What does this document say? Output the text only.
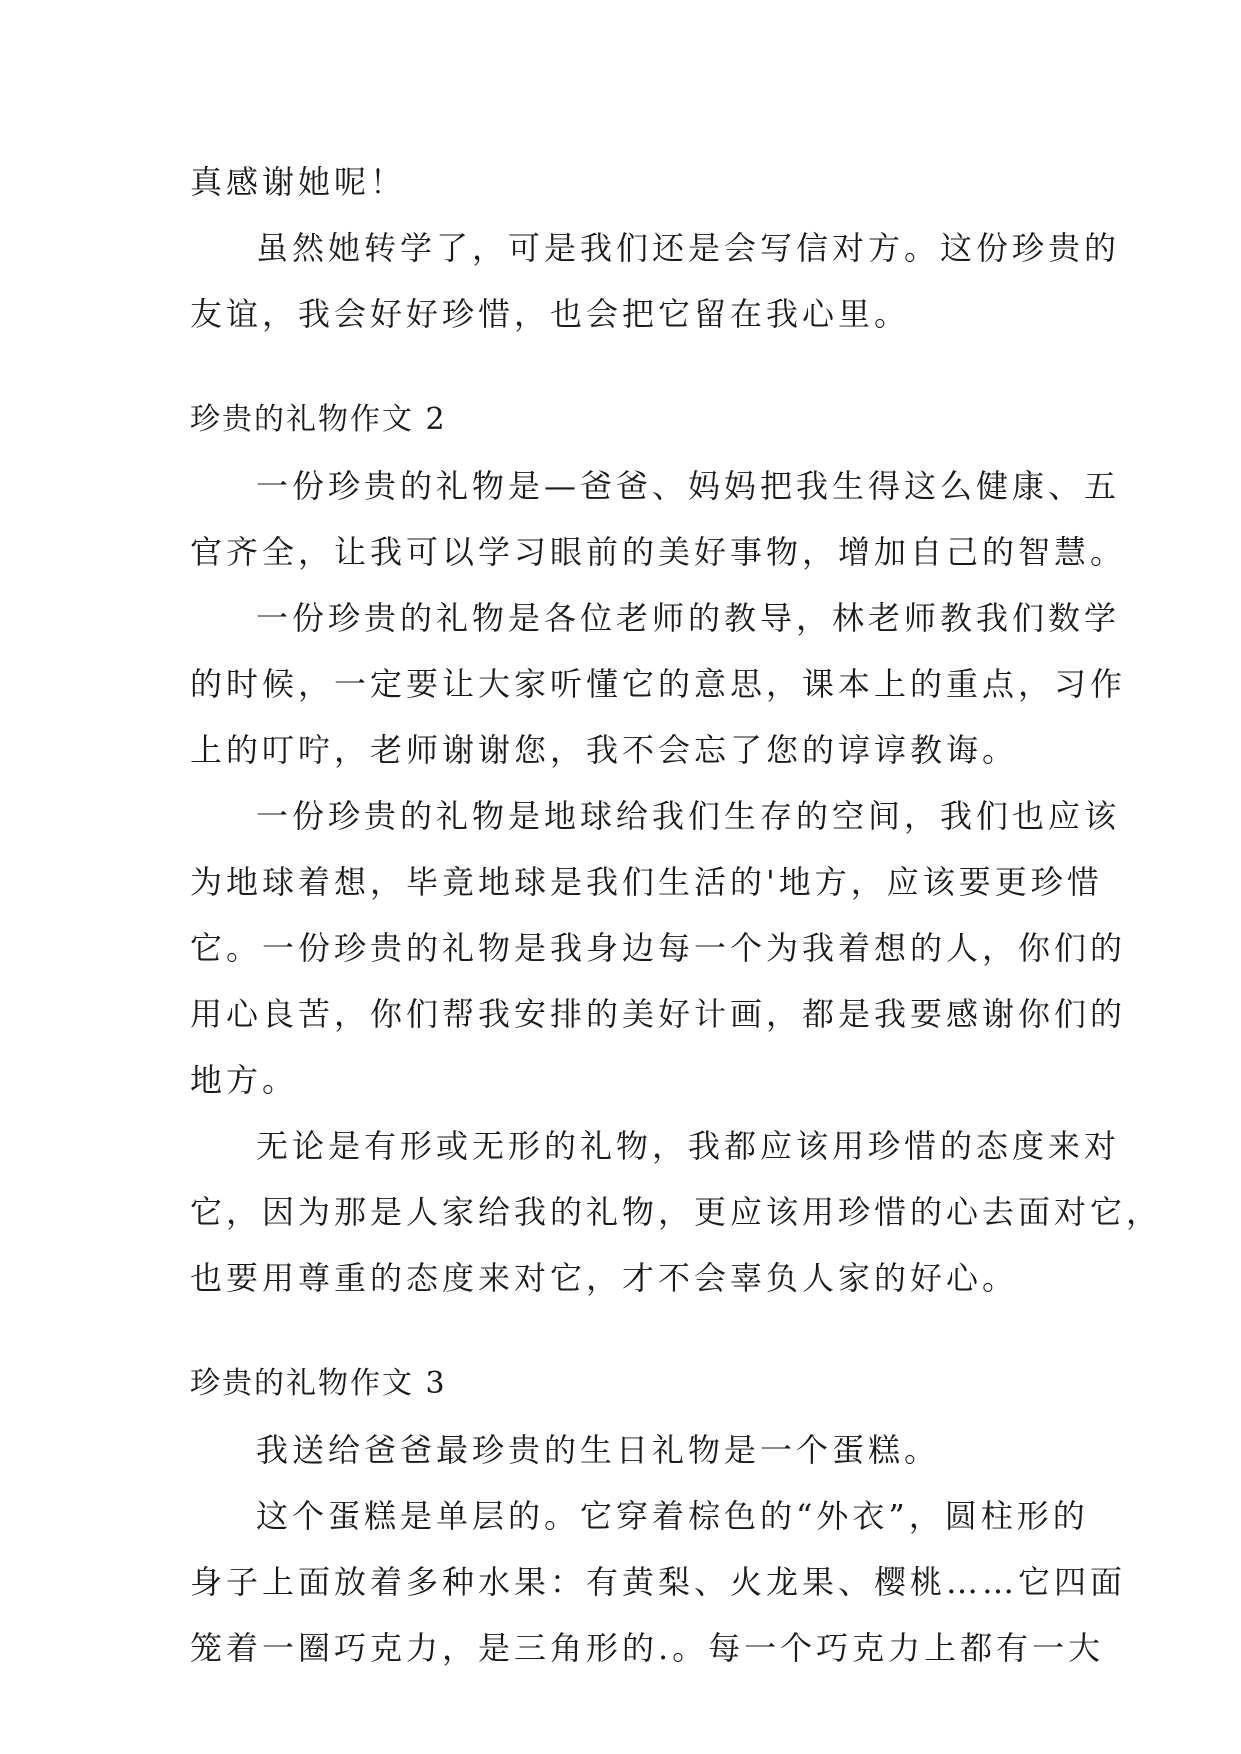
真感谢她呢！
虽然她转学了，可是我们还是会写信对方。这份珍贵的
友谊，我会好好珍惜，也会把它留在我心里。
珍贵的礼物作文 2
一份珍贵的礼物是—爸爸、妈妈把我生得这么健康、五
官齐全，让我可以学习眼前的美好事物，增加自己的智慧。
一份珍贵的礼物是各位老师的教导，林老师教我们数学
的时候，一定要让大家听懂它的意思，课本上的重点，习作
上的叮咛，老师谢谢您，我不会忘了您的谆谆教诲。
一份珍贵的礼物是地球给我们生存的空间，我们也应该
为地球着想，毕竟地球是我们生活的'地方，应该要更珍惜
它。一份珍贵的礼物是我身边每一个为我着想的人，你们的
用心良苦，你们帮我安排的美好计画，都是我要感谢你们的
地方。
无论是有形或无形的礼物，我都应该用珍惜的态度来对
它，因为那是人家给我的礼物，更应该用珍惜的心去面对它，
也要用尊重的态度来对它，才不会辜负人家的好心。
珍贵的礼物作文 3
我送给爸爸最珍贵的生日礼物是一个蛋糕。
这个蛋糕是单层的。它穿着棕色的“外衣”，圆柱形的
身子上面放着多种水果：有黄梨、火龙果、樱桃……它四面
笼着一圈巧克力，是三角形的.。每一个巧克力上都有一大
